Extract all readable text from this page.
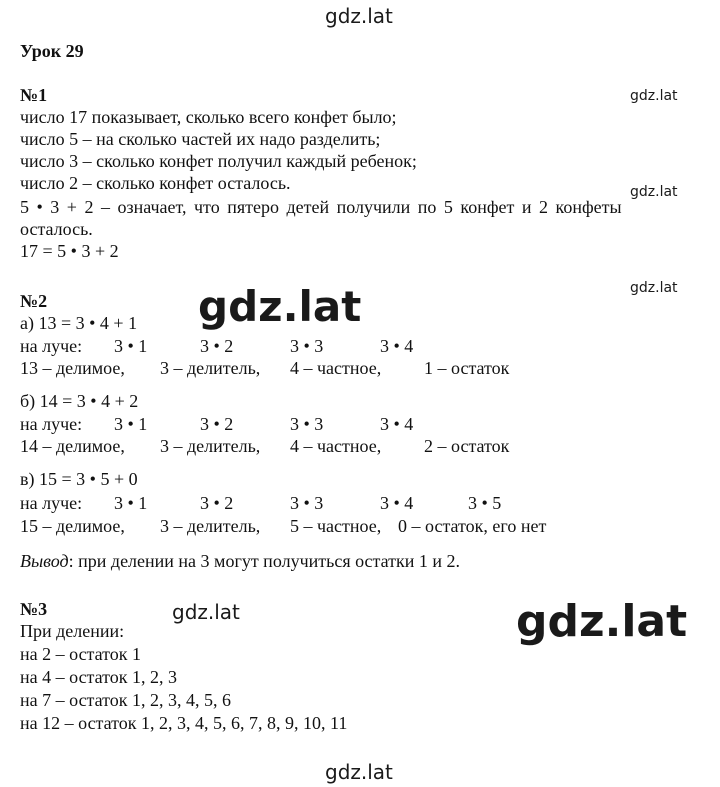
gdz.lat
gdz.lat
gdz.lat
gdz.lat
gdz.lat
gdz.lat	gdz.lat
gdz.lat
Урок 29
№1
число 17 показывает, сколько всего конфет было;
число 5 – на сколько частей их надо разделить;
число 3 – сколько конфет получил каждый ребенок;
число 2 – сколько конфет осталось.
5 • 3 + 2 – означает, что пятеро детей получили по 5 конфет и 2 конфеты
осталось.
17 = 5 • 3 + 2
№2
а) 13 = 3 • 4 + 1
на луче: 3 • 1	3 • 2	3 • 3	3 • 4
13 – делимое, 3 – делитель, 4 – частное, 1 – остаток
б) 14 = 3 • 4 + 2
на луче: 3 • 1	3 • 2	3 • 3	3 • 4
14 – делимое, 3 – делитель, 4 – частное, 2 – остаток
в) 15 = 3 • 5 + 0
на луче: 3 • 1	3 • 2	3 • 3	3 • 4	3 • 5
15 – делимое, 3 – делитель, 5 – частное, 0 – остаток, его нет
Вывод: при делении на 3 могут получиться остатки 1 и 2.
№3
При делении:
на 2 – остаток 1
на 4 – остаток 1, 2, 3
на 7 – остаток 1, 2, 3, 4, 5, 6
на 12 – остаток 1, 2, 3, 4, 5, 6, 7, 8, 9, 10, 11
